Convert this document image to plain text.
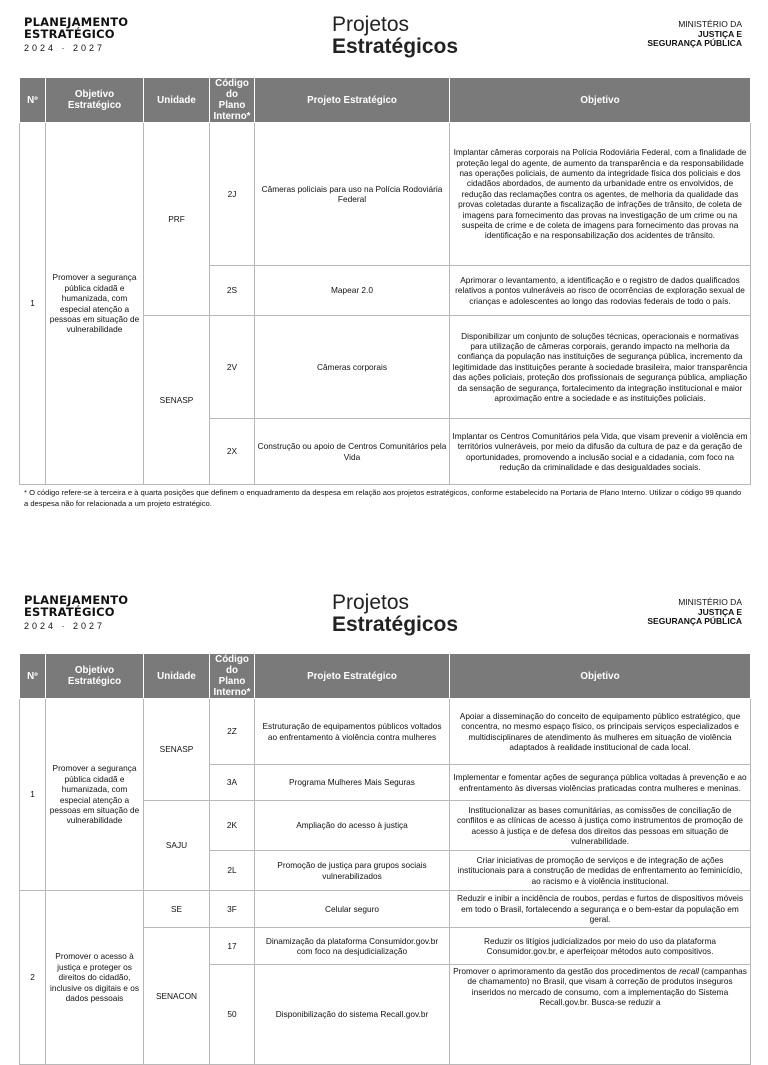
PLANEJAMENTO
ESTRATÉGICO
2024 · 2027
Projetos
Estratégicos
MINISTÉRIO DA
JUSTIÇA E
SEGURANÇA PÚBLICA
Nº	Objetivo Estratégico	Unidade	Código do Plano Interno*	Projeto Estratégico	Objetivo
1	Promover a segurança pública cidadã e humanizada, com especial atenção a pessoas em situação de vulnerabilidade	PRF	2J	Câmeras policiais para uso na Polícia Rodoviária Federal	Implantar câmeras corporais na Polícia Rodoviária Federal, com a finalidade de proteção legal do agente, de aumento da transparência e da responsabilidade nas operações policiais, de aumento da integridade física dos policiais e dos cidadãos abordados, de aumento da urbanidade entre os envolvidos, de redução das reclamações contra os agentes, de melhoria da qualidade das provas coletadas durante a fiscalização de infrações de trânsito, de coleta de imagens para fornecimento das provas na investigação de um crime ou na suspeita de crime e de coleta de imagens para fornecimento das provas na identificação e na responsabilização dos acidentes de trânsito.
			2S	Mapear 2.0	Aprimorar o levantamento, a identificação e o registro de dados qualificados relativos a pontos vulneráveis ao risco de ocorrências de exploração sexual de crianças e adolescentes ao longo das rodovias federais de todo o país.
		SENASP	2V	Câmeras corporais	Disponibilizar um conjunto de soluções técnicas, operacionais e normativas para utilização de câmeras corporais, gerando impacto na melhoria da confiança da população nas instituições de segurança pública, incremento da legitimidade das instituições perante à sociedade brasileira, maior transparência das ações policiais, proteção dos profissionais de segurança pública, ampliação da sensação de segurança, fortalecimento da integração institucional e maior aproximação entre a sociedade e as instituições policiais.
			2X	Construção ou apoio de Centros Comunitários pela Vida	Implantar os Centros Comunitários pela Vida, que visam prevenir a violência em territórios vulneráveis, por meio da difusão da cultura de paz e da geração de oportunidades, promovendo a inclusão social e a cidadania, com foco na redução da criminalidade e das desigualdades sociais.
* O código refere-se à terceira e à quarta posições que definem o enquadramento da despesa em relação aos projetos estratégicos, conforme estabelecido na Portaria de Plano Interno. Utilizar o código 99 quando a despesa não for relacionada a um projeto estratégico.
PLANEJAMENTO
ESTRATÉGICO
2024 · 2027
Projetos
Estratégicos
MINISTÉRIO DA
JUSTIÇA E
SEGURANÇA PÚBLICA
Nº	Objetivo Estratégico	Unidade	Código do Plano Interno*	Projeto Estratégico	Objetivo
1	Promover a segurança pública cidadã e humanizada, com especial atenção a pessoas em situação de vulnerabilidade	SENASP	2Z	Estruturação de equipamentos públicos voltados ao enfrentamento à violência contra mulheres	Apoiar a disseminação do conceito de equipamento público estratégico, que concentra, no mesmo espaço físico, os principais serviços especializados e multidisciplinares de atendimento às mulheres em situação de violência adaptados à realidade institucional de cada local.
			3A	Programa Mulheres Mais Seguras	Implementar e fomentar ações de segurança pública voltadas à prevenção e ao enfrentamento às diversas violências praticadas contra mulheres e meninas.
		SAJU	2K	Ampliação do acesso à justiça	Institucionalizar as bases comunitárias, as comissões de conciliação de conflitos e as clínicas de acesso à justiça como instrumentos de promoção de acesso à justiça e de defesa dos direitos das pessoas em situação de vulnerabilidade.
			2L	Promoção de justiça para grupos sociais vulnerabilizados	Criar iniciativas de promoção de serviços e de integração de ações institucionais para a construção de medidas de enfrentamento ao feminicídio, ao racismo e à violência institucional.
2	Promover o acesso à justiça e proteger os direitos do cidadão, inclusive os digitais e os dados pessoais	SE	3F	Celular seguro	Reduzir e inibir a incidência de roubos, perdas e furtos de dispositivos móveis em todo o Brasil, fortalecendo a segurança e o bem-estar da população em geral.
		SENACON	17	Dinamização da plataforma Consumidor.gov.br com foco na desjudicialização	Reduzir os litígios judicializados por meio do uso da plataforma Consumidor.gov.br, e aperfeiçoar métodos auto compositivos.
			50	Disponibilização do sistema Recall.gov.br	Promover o aprimoramento da gestão dos procedimentos de recall (campanhas de chamamento) no Brasil, que visam à correção de produtos inseguros inseridos no mercado de consumo, com a implementação do Sistema Recall.gov.br. Busca-se reduzir a
